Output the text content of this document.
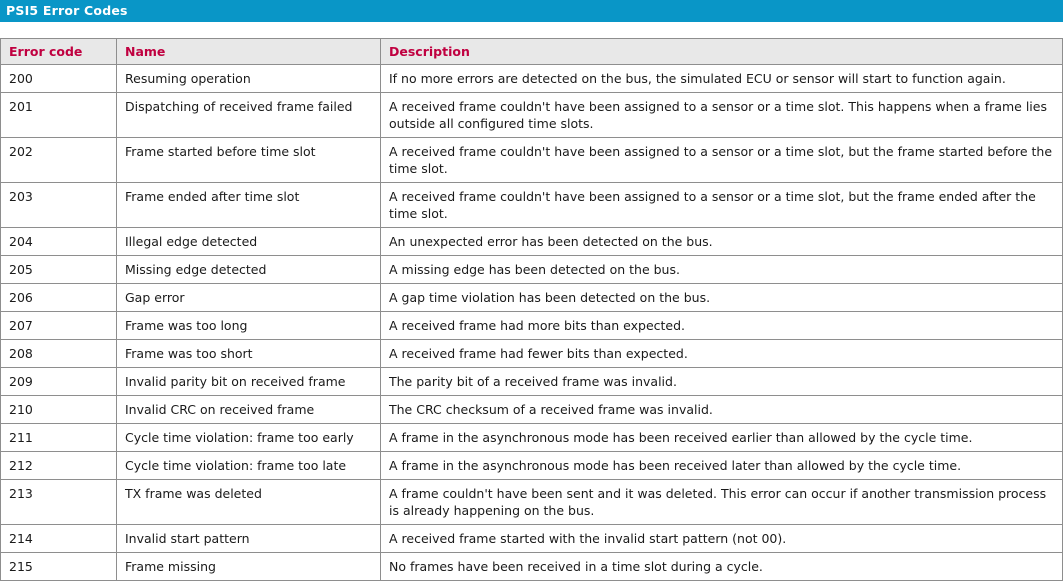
PSI5 Error Codes
Error code	Name	Description
200	Resuming operation	If no more errors are detected on the bus, the simulated ECU or sensor will start to function again.
201	Dispatching of received frame failed	A received frame couldn't have been assigned to a sensor or a time slot. This happens when a frame lies outside all configured time slots.
202	Frame started before time slot	A received frame couldn't have been assigned to a sensor or a time slot, but the frame started before the time slot.
203	Frame ended after time slot	A received frame couldn't have been assigned to a sensor or a time slot, but the frame ended after the time slot.
204	Illegal edge detected	An unexpected error has been detected on the bus.
205	Missing edge detected	A missing edge has been detected on the bus.
206	Gap error	A gap time violation has been detected on the bus.
207	Frame was too long	A received frame had more bits than expected.
208	Frame was too short	A received frame had fewer bits than expected.
209	Invalid parity bit on received frame	The parity bit of a received frame was invalid.
210	Invalid CRC on received frame	The CRC checksum of a received frame was invalid.
211	Cycle time violation: frame too early	A frame in the asynchronous mode has been received earlier than allowed by the cycle time.
212	Cycle time violation: frame too late	A frame in the asynchronous mode has been received later than allowed by the cycle time.
213	TX frame was deleted	A frame couldn't have been sent and it was deleted. This error can occur if another transmission process is already happening on the bus.
214	Invalid start pattern	A received frame started with the invalid start pattern (not 00).
215	Frame missing	No frames have been received in a time slot during a cycle.
